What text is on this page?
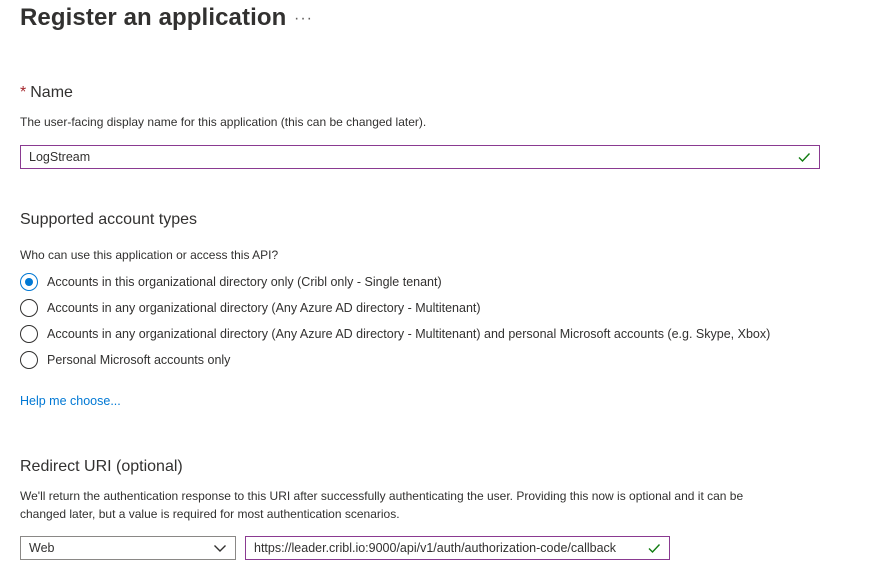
Register an application ···
* Name
The user-facing display name for this application (this can be changed later).
LogStream
Supported account types
Who can use this application or access this API?
Accounts in this organizational directory only (Cribl only - Single tenant)
Accounts in any organizational directory (Any Azure AD directory - Multitenant)
Accounts in any organizational directory (Any Azure AD directory - Multitenant) and personal Microsoft accounts (e.g. Skype, Xbox)
Personal Microsoft accounts only
Help me choose...
Redirect URI (optional)
We'll return the authentication response to this URI after successfully authenticating the user. Providing this now is optional and it can be
changed later, but a value is required for most authentication scenarios.
Web	https://leader.cribl.io:9000/api/v1/auth/authorization-code/callback
